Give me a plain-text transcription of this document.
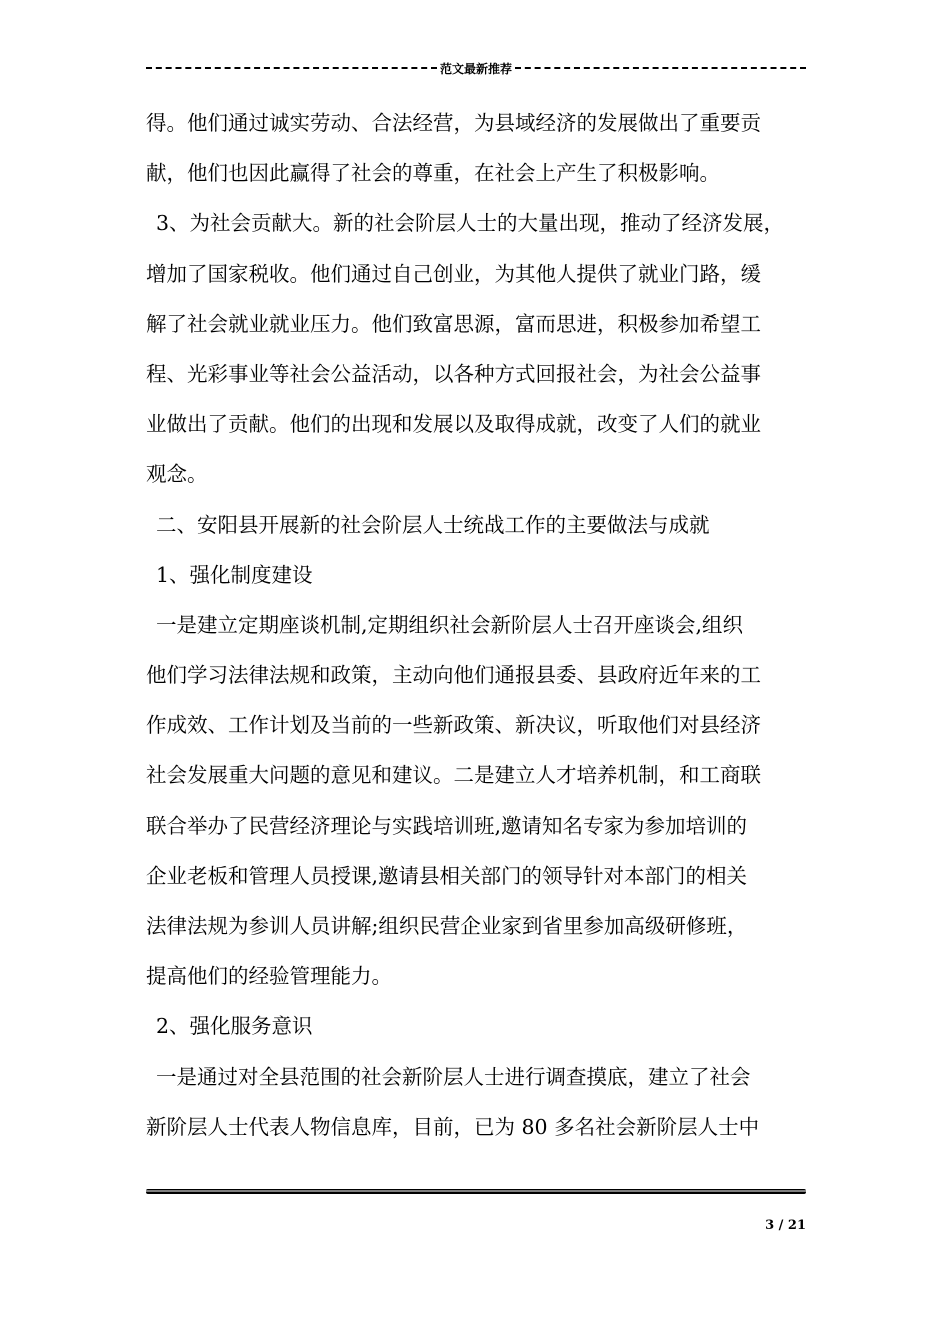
范文最新推荐
得。他们通过诚实劳动、合法经营，为县域经济的发展做出了重要贡
献，他们也因此赢得了社会的尊重，在社会上产生了积极影响。
3、为社会贡献大。新的社会阶层人士的大量出现，推动了经济发展，
增加了国家税收。他们通过自己创业，为其他人提供了就业门路，缓
解了社会就业就业压力。他们致富思源，富而思进，积极参加希望工
程、光彩事业等社会公益活动，以各种方式回报社会，为社会公益事
业做出了贡献。他们的出现和发展以及取得成就，改变了人们的就业
观念。
二、安阳县开展新的社会阶层人士统战工作的主要做法与成就
1、强化制度建设
一是建立定期座谈机制,定期组织社会新阶层人士召开座谈会,组织
他们学习法律法规和政策，主动向他们通报县委、县政府近年来的工
作成效、工作计划及当前的一些新政策、新决议，听取他们对县经济
社会发展重大问题的意见和建议。二是建立人才培养机制，和工商联
联合举办了民营经济理论与实践培训班,邀请知名专家为参加培训的
企业老板和管理人员授课,邀请县相关部门的领导针对本部门的相关
法律法规为参训人员讲解;组织民营企业家到省里参加高级研修班，
提高他们的经验管理能力。
2、强化服务意识
一是通过对全县范围的社会新阶层人士进行调查摸底，建立了社会
新阶层人士代表人物信息库，目前，已为 80 多名社会新阶层人士中
3 / 21
